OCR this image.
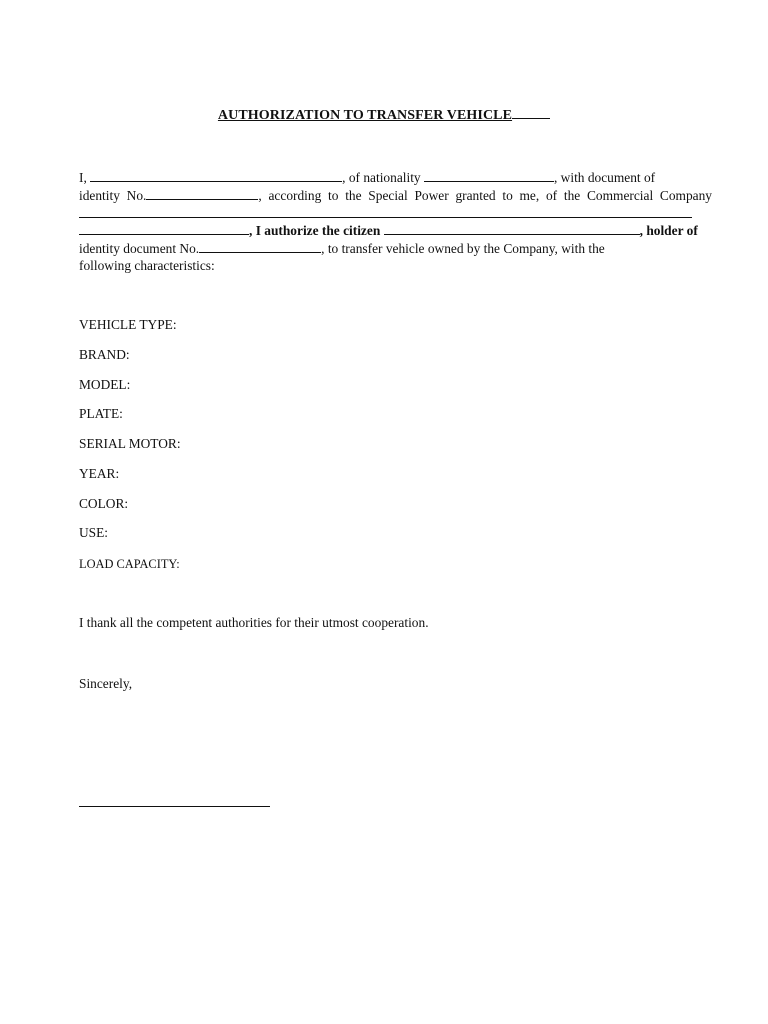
AUTHORIZATION TO TRANSFER VEHICLE
I,	, of nationality	, with document of
identity No.	, according to the Special Power granted to me, of the Commercial Company
, I authorize the citizen	, holder of
identity document No.	, to transfer vehicle owned by the Company, with the
following characteristics:
VEHICLE TYPE:
BRAND:
MODEL:
PLATE:
SERIAL MOTOR:
YEAR:
COLOR:
USE:
LOAD CAPACITY:
I thank all the competent authorities for their utmost cooperation.
Sincerely,
